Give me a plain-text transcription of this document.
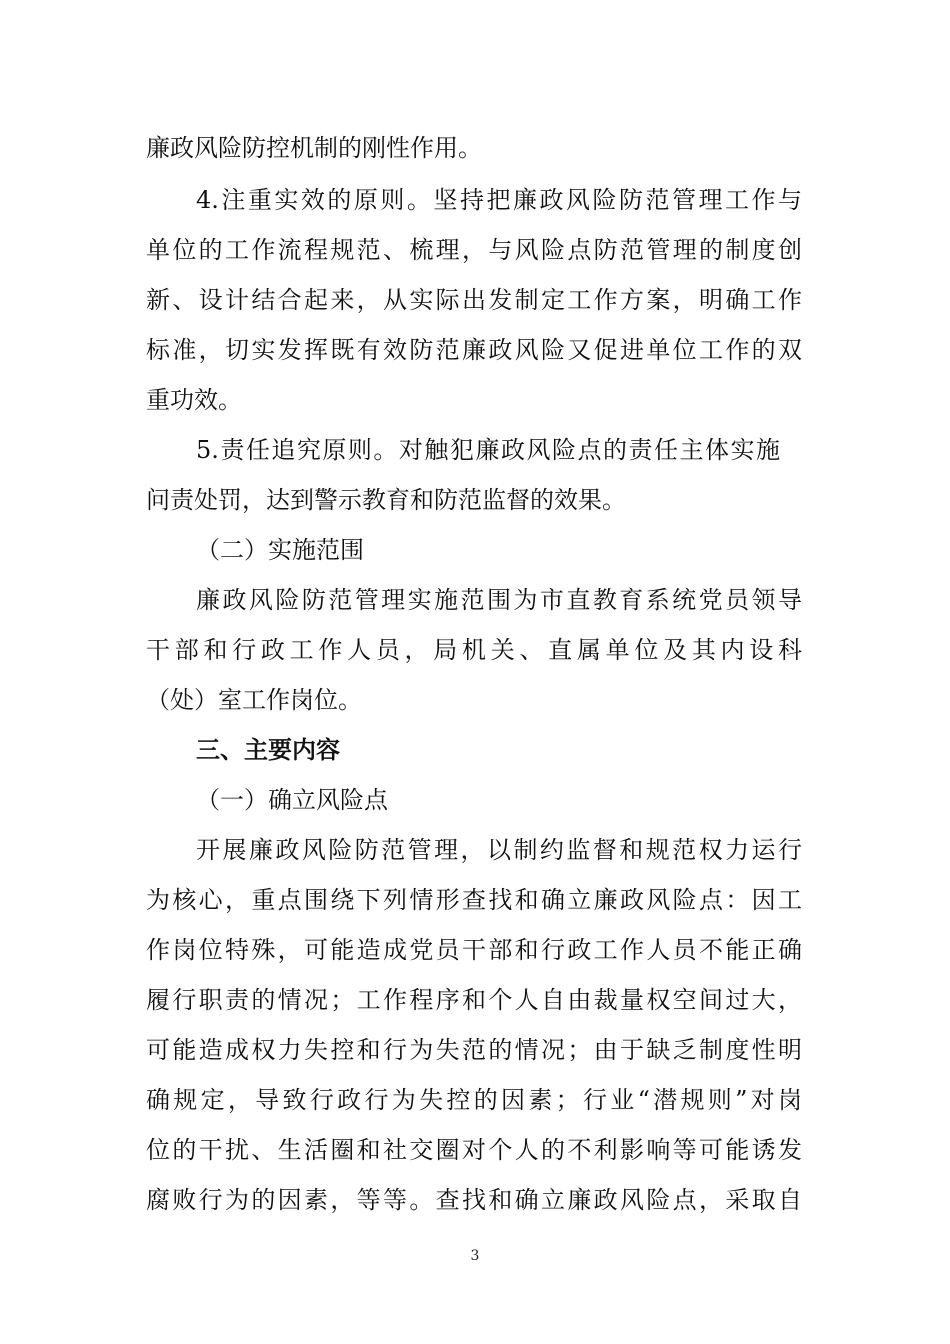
廉政风险防控机制的刚性作用。
4.注重实效的原则。坚持把廉政风险防范管理工作与
单位的工作流程规范、梳理，与风险点防范管理的制度创
新、设计结合起来，从实际出发制定工作方案，明确工作
标准，切实发挥既有效防范廉政风险又促进单位工作的双
重功效。
5.责任追究原则。对触犯廉政风险点的责任主体实施
问责处罚，达到警示教育和防范监督的效果。
（二）实施范围
廉政风险防范管理实施范围为市直教育系统党员领导
干部和行政工作人员，局机关、直属单位及其内设科
（处）室工作岗位。
三、主要内容
（一）确立风险点
开展廉政风险防范管理，以制约监督和规范权力运行
为核心，重点围绕下列情形查找和确立廉政风险点：因工
作岗位特殊，可能造成党员干部和行政工作人员不能正确
履行职责的情况；工作程序和个人自由裁量权空间过大，
可能造成权力失控和行为失范的情况；由于缺乏制度性明
确规定，导致行政行为失控的因素；行业“潜规则”对岗
位的干扰、生活圈和社交圈对个人的不利影响等可能诱发
腐败行为的因素，等等。查找和确立廉政风险点，采取自
3
